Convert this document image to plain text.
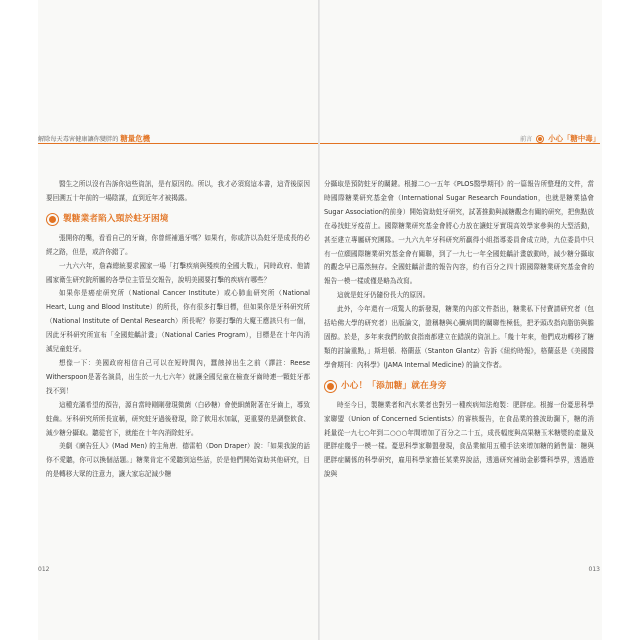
解除每天毒害健康讓你變胖的 糖量危機

醫生之所以沒有告訴你這些資訊，是有原因的。所以，我才必須寫這本書，這背後原因要回溯五十年前的一場陰謀，直到近年才被揭露。

製糖業者陷入頸於蛀牙困境

張開你的嘴，看看自己的牙齒，你曾經補過牙嗎？如果有，你或許以為蛀牙是成長的必經之路，但是，或許你錯了。

一九六六年，詹森總統要求國家一場「打擊疾病與殘疾的全國大戰」，同時政府、他請國家衛生研究院所屬的各學位主管呈交報告，說明美國要打擊的疾病有哪些？

如果你是癌症研究所（National Cancer Institute）或心肺血研究所（National Heart, Lung and Blood Institute）的所長，你有很多打擊目標，但如果你是牙科研究所（National Institute of Dental Research）所長呢？你要打擊的大魔王應該只有一個，因此牙科研究所宣布「全國蛀齲計畫」（National Caries Program），目標是在十年內消滅兒童蛀牙。

想像一下：美國政府相信自己可以在短時間內，蠶蝕掉出生之前（譯註：Reese Witherspoon是著名演員，出生於一九七六年）就讓全國兒童在檢查牙齒時連一顆蛀牙都找不到！

這種充滿希望的預告，源自當時剛剛發現微菌（白砂糖）會使細菌附著在牙齒上，導致蛀齒。牙科研究所所長宣稱，研究蛀牙過後發現，除了飲用水加氟，更重要的是調整飲食、減少糖分攝取。聽從官下，就能在十年內消除蛀牙。

美劇《廣告狂人》(Mad Men) 的主角唐．德雷柏（Don Draper）說：「如果我說的話你不愛聽，你可以換個話題。」糖業肯定不愛聽到這些話，於是他們開始資助其他研究，目的是轉移大眾的注意力，讓大家忘記減少糖

012
前言 小心「糖中毒」

分攝取是預防蛀牙的關鍵。根據二○一五年《PLOS醫學期刊》的一篇報告所整理的文件，當時國際糖業研究基金會（International Sugar Research Foundation，也就是糖業協會Sugar Association的前身）開始資助蛀牙研究，試著推動與減糖觀念有關的研究，把焦點放在尋找蛀牙疫苗上。國際糖業研究基金會將心力放在讓蛀牙實現高效學家參與的大型活動，甚至建立專屬研究團隊。一九六九年牙科研究所贏得小組指導委員會成立時，九位委員中只有一位願國際糖業研究基金會有關聯，到了一九七一年全國蛀齲計畫啟動時，減少糖分攝取的觀念早已蕩然無存。全國蛀齲計畫的報告內容，約有百分之四十跟國際糖業研究基金會的報告一模一樣或僅是略為改寫。

這就是蛀牙仍隨份長大的原因。

此外，今年還有一項驚人的新發現，糖業的內部文件指出，糖業私下付費請研究者（包括哈佛大學的研究者）出版論文，證稱糖與心臟病間的關聯性極低，把矛頭改指向脂肪與膽固醇。於是，多年來我們的飲食指南都建立在錯誤的資訊上。「幾十年來，他們成功轉移了糖類的討論重點，」斯坦頓．格蘭茲（Stanton Glantz）告訴《紐約時報》，格蘭茲是《美國醫學會期刊：內科學》(JAMA Internal Medicine) 的論文作者。

小心！「添加糖」就在身旁

時至今日，製糖業者和汽水業者也對另一種疾病知法炮製：肥胖症。根據一份憂思科學家聯盟（Union of Concerned Scientists）的審核報告，在食品業的推波助瀾下，糖的消耗量從一九七○年到二○○○年間增加了百分之二十五，成長幅度與高果糖玉米糖漿的產量及肥胖症幾乎一模一樣。憂思科學家聯盟發現，食品業僱用五種手法來增加糖的銷售量：糖與肥胖症關係的科學研究，雇用科學家擔任某業界說話，透過研究補助金影響科學界，透過遊說與

013
